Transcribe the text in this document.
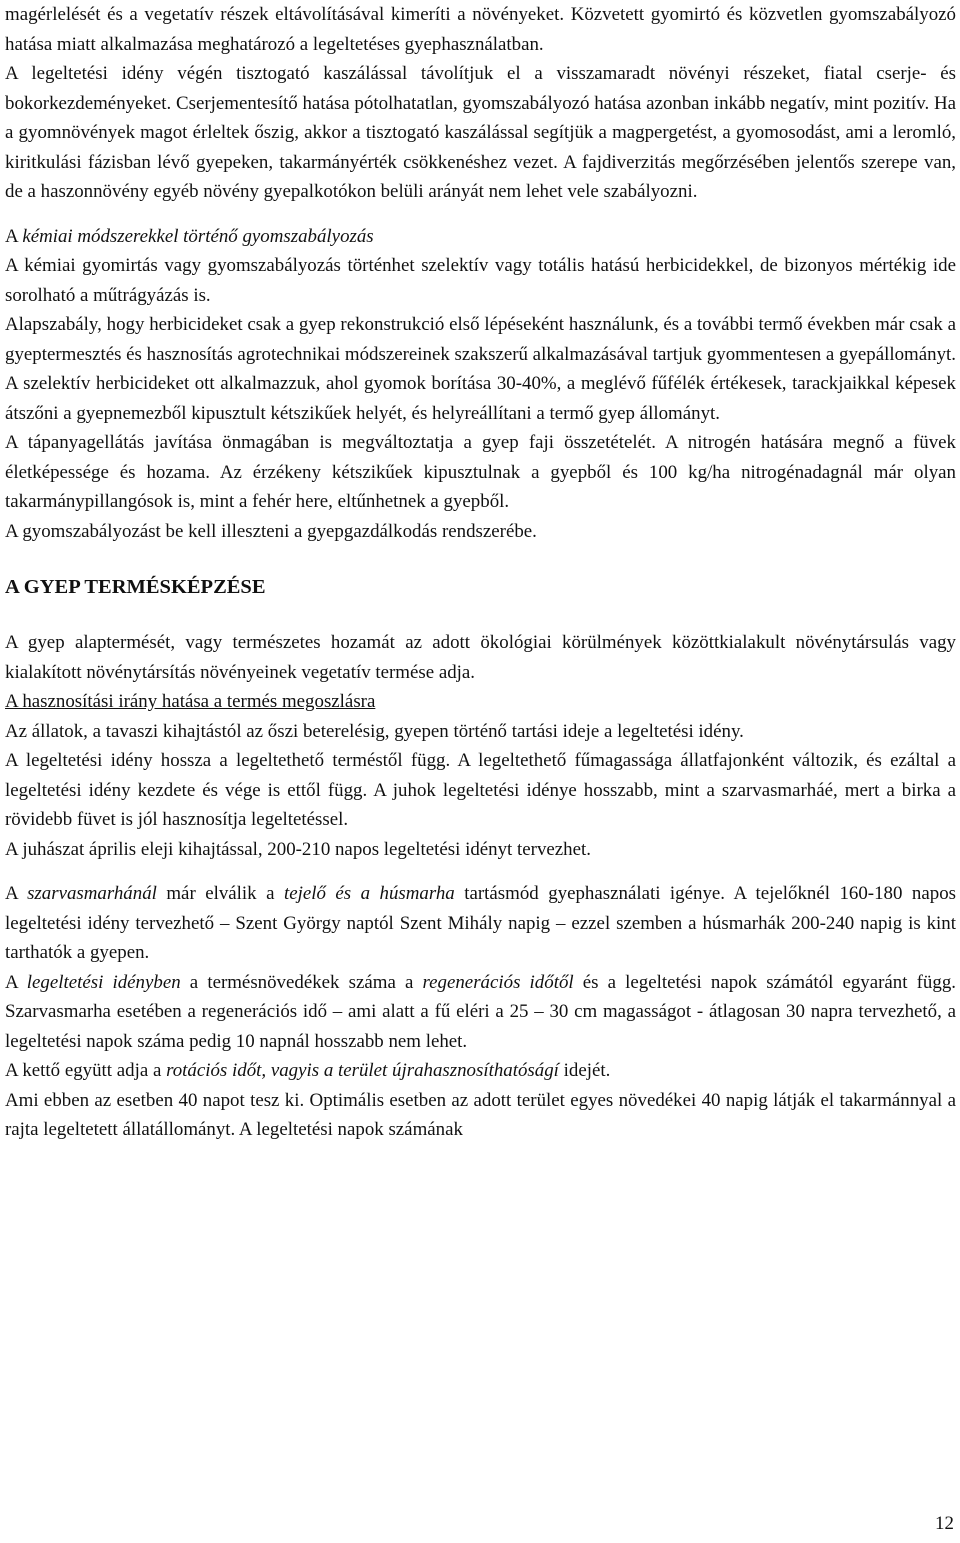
magérlelését és a vegetatív részek eltávolításával kimeríti a növényeket. Közvetett gyomirtó és közvetlen gyomszabályozó hatása miatt alkalmazása meghatározó a legeltetéses gyephasználatban.

A legeltetési idény végén tisztogató kaszálással távolítjuk el a visszamaradt növényi részeket, fiatal cserje- és bokorkezdeményeket. Cserjementesítő hatása pótolhatatlan, gyomszabályozó hatása azonban inkább negatív, mint pozitív. Ha a gyomnövények magot érleltek őszig, akkor a tisztogató kaszálással segítjük a magpergetést, a gyomosodást, ami a leromló, kiritkulási fázisban lévő gyepeken, takarmányérték csökkenéshez vezet. A fajdiverzitás megőrzésében jelentős szerepe van, de a haszonnövény egyéb növény gyepalkotókon belüli arányát nem lehet vele szabályozni.

A kémiai módszerekkel történő gyomszabályozás

A kémiai gyomirtás vagy gyomszabályozás történhet szelektív vagy totális hatású herbicidekkel, de bizonyos mértékig ide sorolható a műtrágyázás is.

Alapszabály, hogy herbicideket csak a gyep rekonstrukció első lépéseként használunk, és a további termő években már csak a gyeptermesztés és hasznosítás agrotechnikai módszereinek szakszerű alkalmazásával tartjuk gyommentesen a gyepállományt.

A szelektív herbicideket ott alkalmazzuk, ahol gyomok borítása 30-40%, a meglévő fűfélék értékesek, tarackjaikkal képesek átszőni a gyepnemezből kipusztult kétszikűek helyét, és helyreállítani a termő gyep állományt.

A tápanyagellátás javítása önmagában is megváltoztatja a gyep faji összetételét. A nitrogén hatására megnő a füvek életképessége és hozama. Az érzékeny kétszikűek kipusztulnak a gyepből és 100 kg/ha nitrogénadagnál már olyan takarmánypillangósok is, mint a fehér here, eltűnhetnek a gyepből.

A gyomszabályozást be kell illeszteni a gyepgazdálkodás rendszerébe.

A GYEP TERMÉSKÉPZÉSE

A gyep alaptermését, vagy természetes hozamát az adott ökológiai körülmények közöttkialakult növénytársulás vagy kialakított növénytársítás növényeinek vegetatív termése adja.

A hasznosítási irány hatása a termés megoszlásra

Az állatok, a tavaszi kihajtástól az őszi beterelésig, gyepen történő tartási ideje a legeltetési idény.

A legeltetési idény hossza a legeltethető terméstől függ. A legeltethető fűmagassága állatfajonként változik, és ezáltal a legeltetési idény kezdete és vége is ettől függ. A juhok legeltetési idénye hosszabb, mint a szarvasmarháé, mert a birka a rövidebb füvet is jól hasznosítja legeltetéssel.

A juhászat április eleji kihajtással, 200-210 napos legeltetési idényt tervezhet.

A szarvasmarhánál már elválik a tejelő és a húsmarha tartásmód gyephasználati igénye. A tejelőknél 160-180 napos legeltetési idény tervezhető – Szent György naptól Szent Mihály napig – ezzel szemben a húsmarhák 200-240 napig is kint tarthatók a gyepen.

A legeltetési idényben a termésnövedékek száma a regenerációs időtől és a legeltetési napok számától egyaránt függ. Szarvasmarha esetében a regenerációs idő – ami alatt a fű eléri a 25 – 30 cm magasságot - átlagosan 30 napra tervezhető, a legeltetési napok száma pedig 10 napnál hosszabb nem lehet.

A kettő együtt adja a rotációs időt, vagyis a terület újrahasznosíthatóságí idejét.

Ami ebben az esetben 40 napot tesz ki. Optimális esetben az adott terület egyes növedékei 40 napig látják el takarmánnyal a rajta legeltetett állatállományt. A legeltetési napok számának

12
